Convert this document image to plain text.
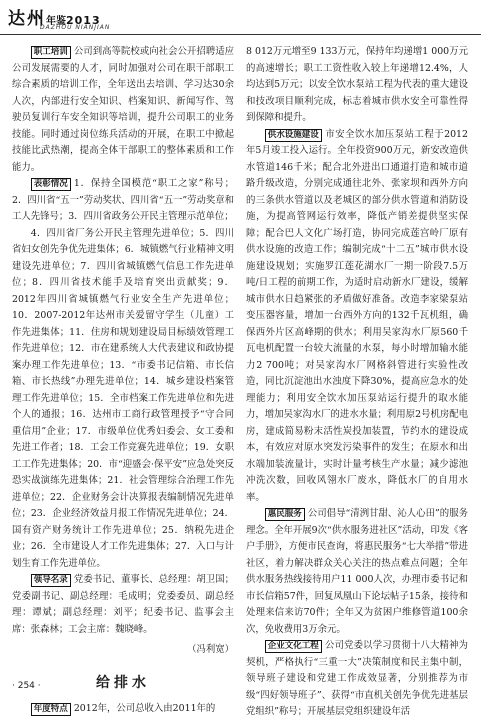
达州年鉴2013
DAZHOU NIANJIAN

职工培训 公司到高等院校或向社会公开招聘适应公司发展需要的人才，同时加强对公司在职干部职工综合素质的培训工作，全年送出去培训、学习达30余人次，内部进行安全知识、档案知识、新闻写作、驾驶员复训行车安全知识等培训，提升公司职工的业务技能。同时通过岗位练兵活动的开展，在职工中掀起技能比武热潮，提高全体干部职工的整体素质和工作能力。

表彰情况 1．保持全国模范“职工之家”称号；2．四川省“五一”劳动奖状、四川省“五一”劳动奖章和工人先锋号；3．四川省政务公开民主管理示范单位；

4．四川省厂务公开民主管理先进单位；5．四川省妇女创先争优先进集体；6．城镇燃气行业精神文明建设先进单位；7．四川省城镇燃气信息工作先进单位；8．四川省技术能手及培育突出贡献奖；9．2012年四川省城镇燃气行业安全生产先进单位；10．2007-2012年达州市关爱留守学生（儿童）工作先进集体；11．住房和规划建设局目标绩效管理工作先进单位；12．市在建系统人大代表建议和政协提案办理工作先进单位；13．“市委书记信箱、市长信箱、市长热线”办理先进单位；14．城乡建设档案管理工作先进单位；15．全市档案工作先进单位和先进个人的通报；16．达州市工商行政管理授予“守合同重信用”企业；17．市级单位优秀妇委会、女工委和先进工作者；18．工会工作竞赛先进单位；19．女职工工作先进集体；20．市“迎盛会·保平安”应急处突反恐实战演练先进集体；21．社会管理综合治理工作先进单位；22．企业财务会计决算报表编制情况先进单位；23．企业经济效益月报工作情况先进单位；24．国有资产财务统计工作先进单位；25．纳税先进企业；26．全市建设人才工作先进集体；27．入口与计划生育工作先进单位。

领导名录 党委书记、董事长、总经理：胡卫国；党委副书记、副总经理：毛成明；党委委员、副总经理：谭斌；副总经理：刘平；纪委书记、监事会主席：张森林；工会主席：魏晓峰。

（冯利宽）

给排水

年度特点 2012年，公司总收入由2011年的

8 012万元增至9 133万元，保持年均递增1 000万元的高速增长；职工工资性收入较上年递增12.4%，人均达到5万元；以安全饮水泵站工程为代表的重大建设和技改项目顺利完成，标志着城市供水安全可靠性得到保障和提升。

供水设施建设 市安全饮水加压泵站工程于2012年5月竣工投入运行。全年投资900万元，新安改造供水管道146千米；配合北外进出口通道打造和城市道路升级改造，分别完成通往北外、张家坝和西外方向的三条供水管道以及老城区的部分供水管道和消防设施，为提高管网运行效率，降低产销差提供坚实保障；配合巴人文化广场打造，协同完成莲宫岭厂原有供水设施的改造工作；编制完成“十二五”城市供水设施建设规划；实施罗江莲花湖水厂一期一阶段7.5万吨/日工程的前期工作，为适时启动新水厂建设，缓解城市供水日趋紧张的矛盾做好准备。改造李家梁泵站变压器容量，增加一台西外方向的132千瓦机组，确保西外片区高峰期的供水；利用吴家沟水厂原560千瓦电机配置一台较大流量的水泵，每小时增加输水能力2 700吨；对吴家沟水厂网格斜管进行实验性改造，同比沉淀池出水浊度下降30%，提高应急水的处理能力；利用安全饮水加压泵站运行提升的取水能力，增加吴家沟水厂的进水水量；利用原2号机房配电房，建成简易粉末活性炭投加装置，节约水的建设成本，有效应对原水突发污染事件的发生；在原水和出水端加装流量计，实时计量考核生产水量；减少滤池冲洗次数，回收风翎水厂废水，降低水厂的自用水率。

惠民服务 公司倡导“清洌甘甜、沁人心田”的服务理念。全年开展9次“供水服务进社区”活动，印发《客户手册》，方便市民查询，将惠民服务“七大举措”带进社区，着力解决群众关心关注的热点难点问题；全年供水服务热线接待用户11 000人次，办理市委书记和市长信箱57件，回复凤凰山下论坛帖子15条，接待和处理来信来访70件；全年又为贫困户维修管道100余次，免收费用3万余元。

企业文化工程 公司党委以学习贯彻十八大精神为契机，严格执行“三重一大”决策制度和民主集中制，领导班子建设和党建工作成效显著，分别推荐为市级“四好领导班子”、获得“市直机关创先争优先进基层党组织”称号；开展基层党组织建设年活

· 254 ·
